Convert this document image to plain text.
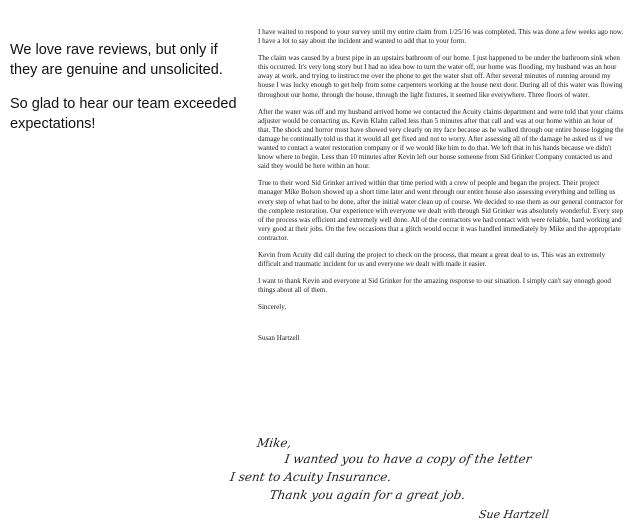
We love rave reviews, but only if they are genuine and unsolicited.

So glad to hear our team exceeded expectations!

I have waited to respond to your survey until my entire claim from 1/25/16 was completed. This was done a few weeks ago now. I have a lot to say about the incident and wanted to add that to your form.

The claim was caused by a burst pipe in an upstairs bathroom of our home. I just happened to be under the bathroom sink when this occurred. It's very long story but I had no idea how to turn the water off, our home was flooding, my husband was an hour away at work, and trying to instruct me over the phone to get the water shut off. After several minutes of running around my house I was lucky enough to get help from some carpenters working at the house next door. During all of this water was flowing throughout our home, through the house, through the light fixtures, it seemed like everywhere. Three floors of water.

After the water was off and my husband arrived home we contacted the Acuity claims department and were told that your claims adjuster would be contacting us. Kevin Klahn called less than 5 minutes after that call and was at our home within an hour of that. The shock and horror must have showed very clearly on my face because as he walked through our entire house logging the damage he continually told us that it would all get fixed and not to worry. After assessing all of the damage he asked us if we wanted to contact a water restoration company or if we would like him to do that. We left that in his hands because we didn't know where to begin. Less than 10 minutes after Kevin left our house someone from Sid Grinker Company contacted us and said they would be here within an hour.

True to their word Sid Grinker arrived within that time period with a crew of people and began the project. Their project manager Mike Bolson showed up a short time later and went through our entire house also assessing everything and telling us every step of what had to be done, after the initial water clean up of course. We decided to use them as our general contractor for the complete restoration. Our experience with everyone we dealt with through Sid Grinker was absolutely wonderful. Every step of the process was efficient and extremely well done. All of the contractors we had contact with were reliable, hard working and very good at their jobs. On the few occasions that a glitch would occur it was handled immediately by Mike and the appropriate contractor.

Kevin from Acuity did call during the project to check on the process, that meant a great deal to us. This was an extremely difficult and traumatic incident for us and everyone we dealt with made it easier.

I want to thank Kevin and everyone at Sid Grinker for the amazing response to our situation. I simply can't say enough good things about all of them.

Sincerely,

Susan Hartzell

Mike,
I wanted you to have a copy of the letter
I sent to Acuity Insurance.
Thank you again for a great job.
Sue Hartzell
